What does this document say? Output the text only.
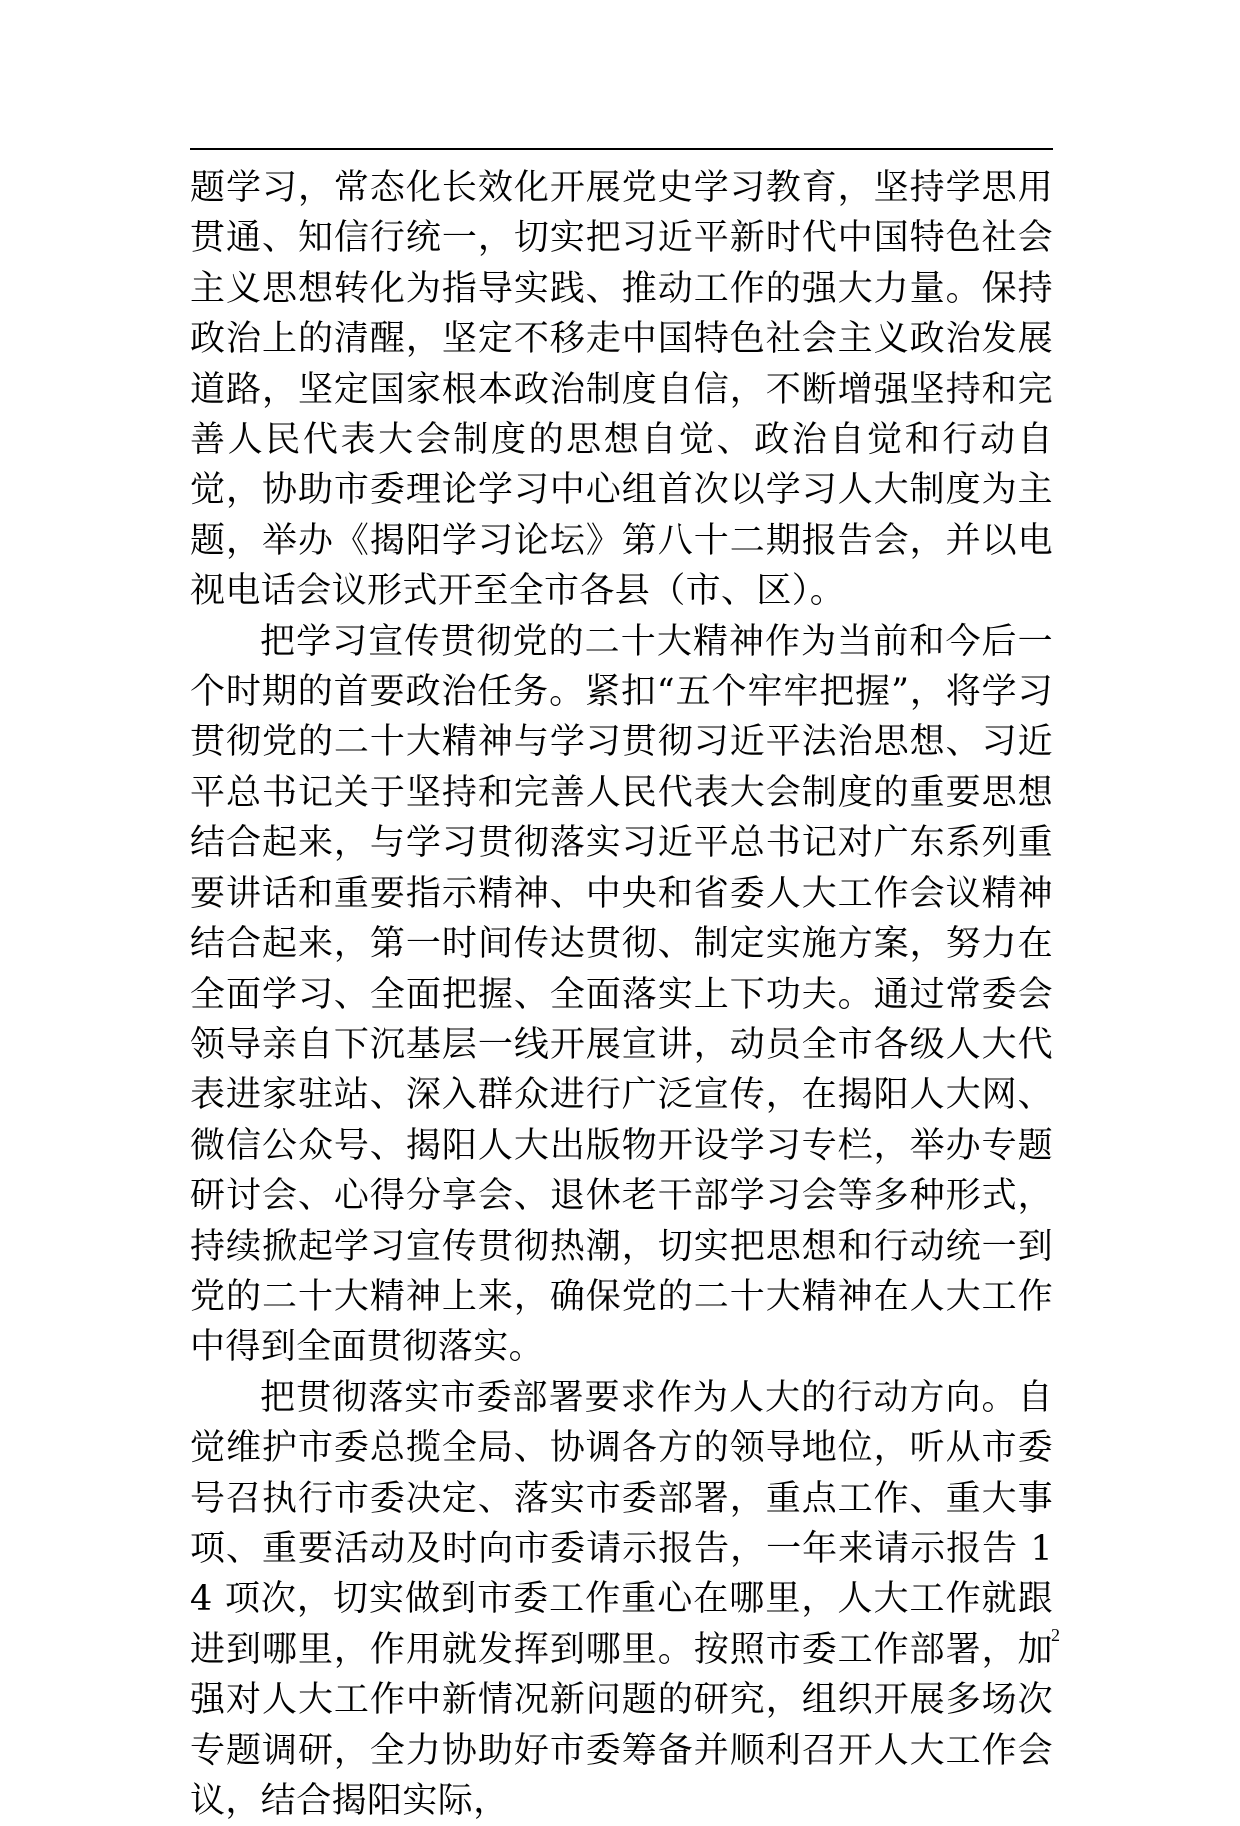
题学习，常态化长效化开展党史学习教育，坚持学思用贯通、知信行统一，切实把习近平新时代中国特色社会主义思想转化为指导实践、推动工作的强大力量。保持政治上的清醒，坚定不移走中国特色社会主义政治发展道路，坚定国家根本政治制度自信，不断增强坚持和完善人民代表大会制度的思想自觉、政治自觉和行动自觉，协助市委理论学习中心组首次以学习人大制度为主题，举办《揭阳学习论坛》第八十二期报告会，并以电视电话会议形式开至全市各县（市、区）。

把学习宣传贯彻党的二十大精神作为当前和今后一个时期的首要政治任务。紧扣“五个牢牢把握”，将学习贯彻党的二十大精神与学习贯彻习近平法治思想、习近平总书记关于坚持和完善人民代表大会制度的重要思想结合起来，与学习贯彻落实习近平总书记对广东系列重要讲话和重要指示精神、中央和省委人大工作会议精神结合起来，第一时间传达贯彻、制定实施方案，努力在全面学习、全面把握、全面落实上下功夫。通过常委会领导亲自下沉基层一线开展宣讲，动员全市各级人大代表进家驻站、深入群众进行广泛宣传，在揭阳人大网、微信公众号、揭阳人大出版物开设学习专栏，举办专题研讨会、心得分享会、退休老干部学习会等多种形式，持续掀起学习宣传贯彻热潮，切实把思想和行动统一到党的二十大精神上来，确保党的二十大精神在人大工作中得到全面贯彻落实。

把贯彻落实市委部署要求作为人大的行动方向。自觉维护市委总揽全局、协调各方的领导地位，听从市委号召执行市委决定、落实市委部署，重点工作、重大事项、重要活动及时向市委请示报告，一年来请示报告 14 项次，切实做到市委工作重心在哪里，人大工作就跟进到哪里，作用就发挥到哪里。按照市委工作部署，加强对人大工作中新情况新问题的研究，组织开展多场次专题调研，全力协助好市委筹备并顺利召开人大工作会议，结合揭阳实际，

2
